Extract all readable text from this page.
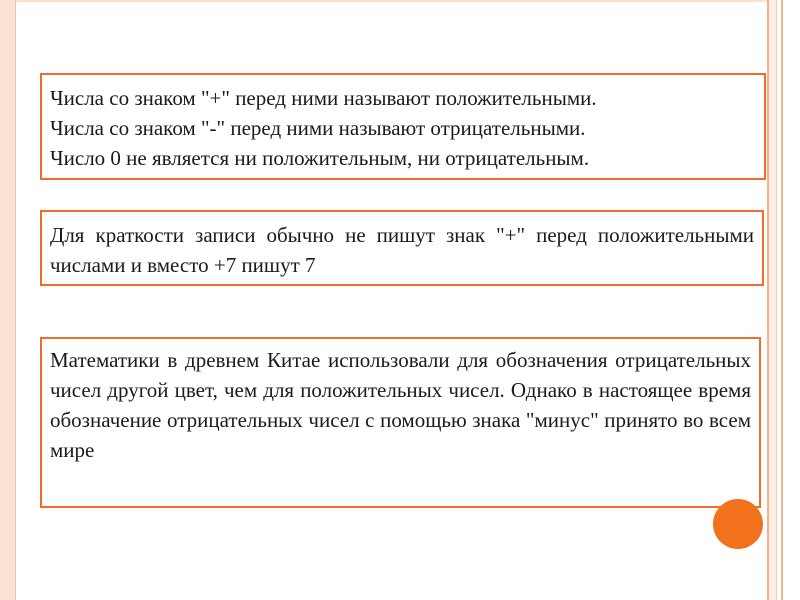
Числа со знаком "+" перед ними называют положительными.
Числа со знаком "-" перед ними называют отрицательными.
Число 0 не является ни положительным, ни отрицательным.
Для краткости записи обычно не пишут знак "+" перед положительными числами и вместо +7 пишут 7
Математики в древнем Китае использовали для обозначения отрицательных чисел другой цвет, чем для положительных чисел. Однако в настоящее время обозначение отрицательных чисел с помощью знака "минус" принято во всем мире
